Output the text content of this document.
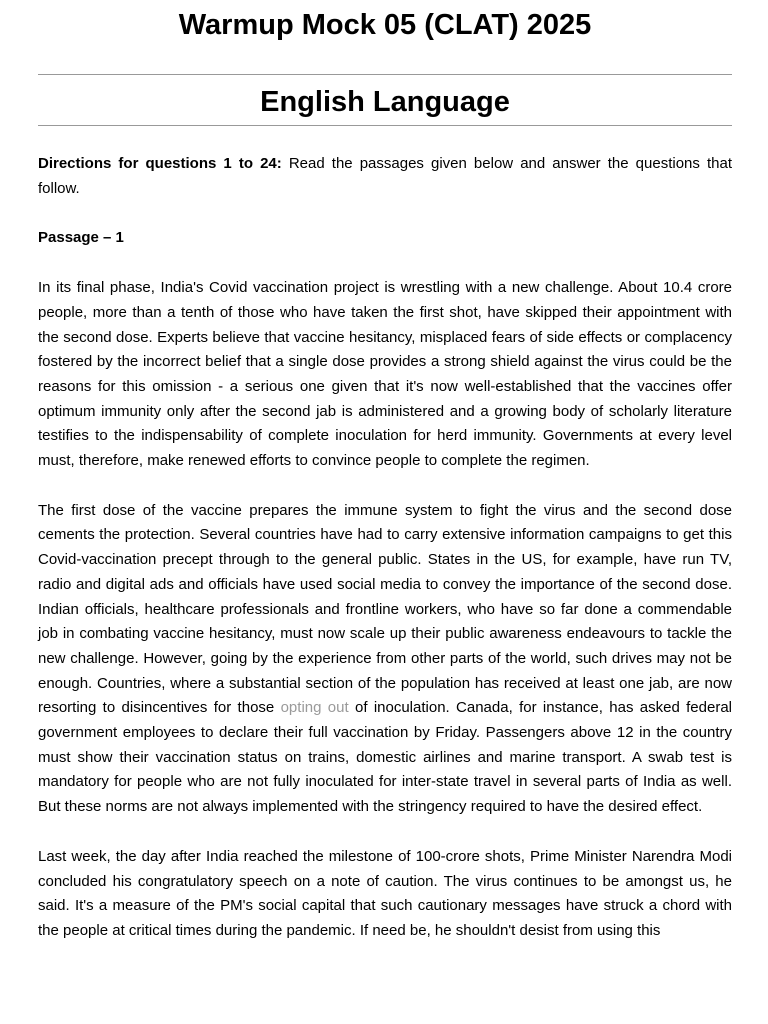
Warmup Mock 05 (CLAT) 2025
English Language

Directions for questions 1 to 24: Read the passages given below and answer the questions that follow.

Passage – 1

In its final phase, India's Covid vaccination project is wrestling with a new challenge. About 10.4 crore people, more than a tenth of those who have taken the first shot, have skipped their appointment with the second dose. Experts believe that vaccine hesitancy, misplaced fears of side effects or complacency fostered by the incorrect belief that a single dose provides a strong shield against the virus could be the reasons for this omission - a serious one given that it's now well-established that the vaccines offer optimum immunity only after the second jab is administered and a growing body of scholarly literature testifies to the indispensability of complete inoculation for herd immunity. Governments at every level must, therefore, make renewed efforts to convince people to complete the regimen.

The first dose of the vaccine prepares the immune system to fight the virus and the second dose cements the protection. Several countries have had to carry extensive information campaigns to get this Covid-vaccination precept through to the general public. States in the US, for example, have run TV, radio and digital ads and officials have used social media to convey the importance of the second dose. Indian officials, healthcare professionals and frontline workers, who have so far done a commendable job in combating vaccine hesitancy, must now scale up their public awareness endeavours to tackle the new challenge. However, going by the experience from other parts of the world, such drives may not be enough. Countries, where a substantial section of the population has received at least one jab, are now resorting to disincentives for those opting out of inoculation. Canada, for instance, has asked federal government employees to declare their full vaccination by Friday. Passengers above 12 in the country must show their vaccination status on trains, domestic airlines and marine transport. A swab test is mandatory for people who are not fully inoculated for inter-state travel in several parts of India as well. But these norms are not always implemented with the stringency required to have the desired effect.

Last week, the day after India reached the milestone of 100-crore shots, Prime Minister Narendra Modi concluded his congratulatory speech on a note of caution. The virus continues to be amongst us, he said. It's a measure of the PM's social capital that such cautionary messages have struck a chord with the people at critical times during the pandemic. If need be, he shouldn't desist from using this
